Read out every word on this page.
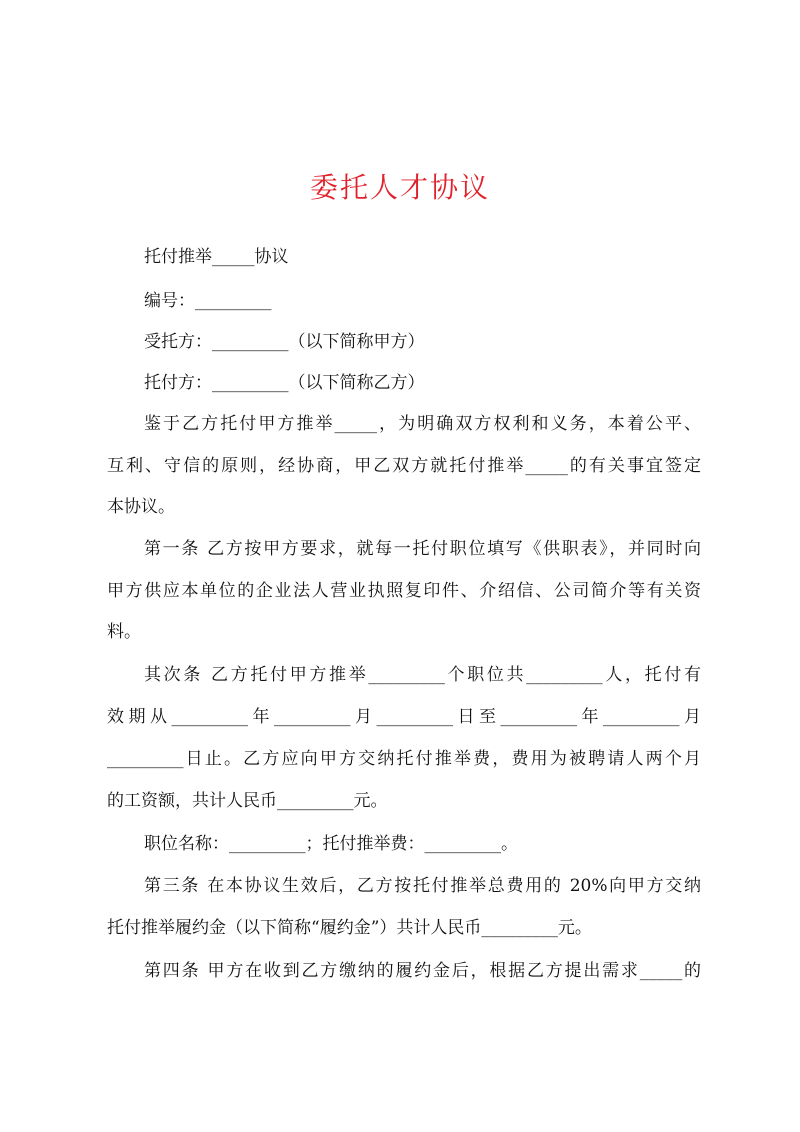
委托人才协议
托付推举_____协议
编号：_________
受托方：_________（以下简称甲方）
托付方：_________（以下简称乙方）
鉴于乙方托付甲方推举_____，为明确双方权利和义务，本着公平、
互利、守信的原则，经协商，甲乙双方就托付推举_____的有关事宜签定
本协议。
第一条 乙方按甲方要求，就每一托付职位填写《供职表》，并同时向
甲方供应本单位的企业法人营业执照复印件、介绍信、公司简介等有关资
料。
其次条 乙方托付甲方推举_________个职位共_________人，托付有
效期从_________年_________月_________日至_________年_________月
_________日止。乙方应向甲方交纳托付推举费，费用为被聘请人两个月
的工资额，共计人民币_________元。
职位名称：_________；托付推举费：_________。
第三条 在本协议生效后，乙方按托付推举总费用的 20%向甲方交纳
托付推举履约金（以下简称“履约金”）共计人民币_________元。
第四条 甲方在收到乙方缴纳的履约金后，根据乙方提出需求_____的
